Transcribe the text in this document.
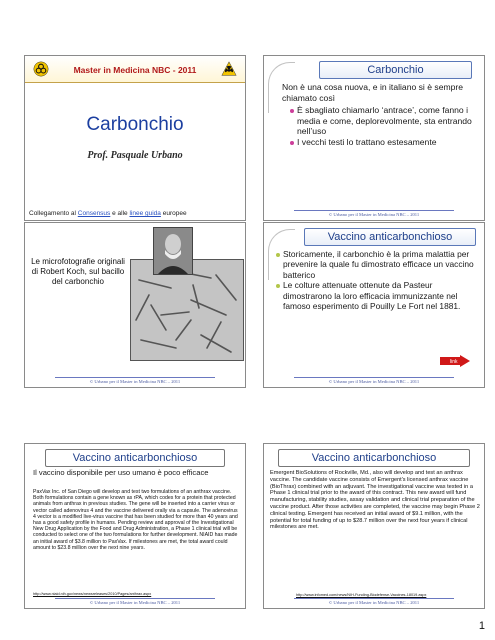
Master in Medicina NBC - 2011
Carbonchio
Prof. Pasquale Urbano
Collegamento al Consensus e alle linee guida europee
Carbonchio
Non è una cosa nuova, e in italiano si è sempre chiamato così
È sbagliato chiamarlo ‘antrace’, come fanno i media e come, deplorevolmente, sta entrando nell’uso
I vecchi testi lo trattano estesamente
© Urbano per il Master in Medicina NBC – 2011
Le microfotografie originali di Robert Koch, sul bacillo del carbonchio
© Urbano per il Master in Medicina NBC – 2011
Vaccino anticarbonchioso
Storicamente, il carbonchio è la prima malattia per prevenire la quale fu dimostrato efficace un vaccino batterico
Le colture attenuate ottenute da Pasteur dimostrarono la loro efficacia immunizzante nel famoso esperimento di Pouilly Le Fort nel 1881.
link
© Urbano per il Master in Medicina NBC – 2011
Vaccino anticarbonchioso
Il vaccino disponibile per uso umano è poco efficace
PaxVax Inc. of San Diego will develop and test two formulations of an anthrax vaccine. Both formulations contain a gene known as rPA, which codes for a protein that protected animals from anthrax in previous studies. The gene will be inserted into a carrier virus or vector called adenovirus 4 and the vaccine delivered orally via a capsule. The adenovirus 4 vector is a modified live-virus vaccine that has been studied for more than 40 years and has a good safety profile in humans. Pending review and approval of the Investigational New Drug Application by the Food and Drug Administration, a Phase 1 clinical trial will be conducted to select one of the two formulations for further development. NIAID has made an initial award of $3.8 million to PaxVax. If milestones are met, the total award could amount to $23.8 million over the next nine years.
http://www.niaid.nih.gov/news/newsreleases/2010/Pages/anthrax.aspx
© Urbano per il Master in Medicina NBC – 2011
Vaccino anticarbonchioso
Emergent BioSolutions of Rockville, Md., also will develop and test an anthrax vaccine. The candidate vaccine consists of Emergent's licensed anthrax vaccine (BioThrax) combined with an adjuvant. The investigational vaccine was tested in a Phase 1 clinical trial prior to the award of this contract. This new award will fund manufacturing, stability studies, assay validation and clinical trial preparation of the vaccine product. After those activities are completed, the vaccine may begin Phase 2 clinical testing. Emergent has received an initial award of $9.1 million, with the potential for total funding of up to $28.7 million over the next four years if clinical milestones are met.
http://www.infomed.com/news/NIH-Funding-Biodefense-Vaccines-18019.aspx
© Urbano per il Master in Medicina NBC – 2011
1
